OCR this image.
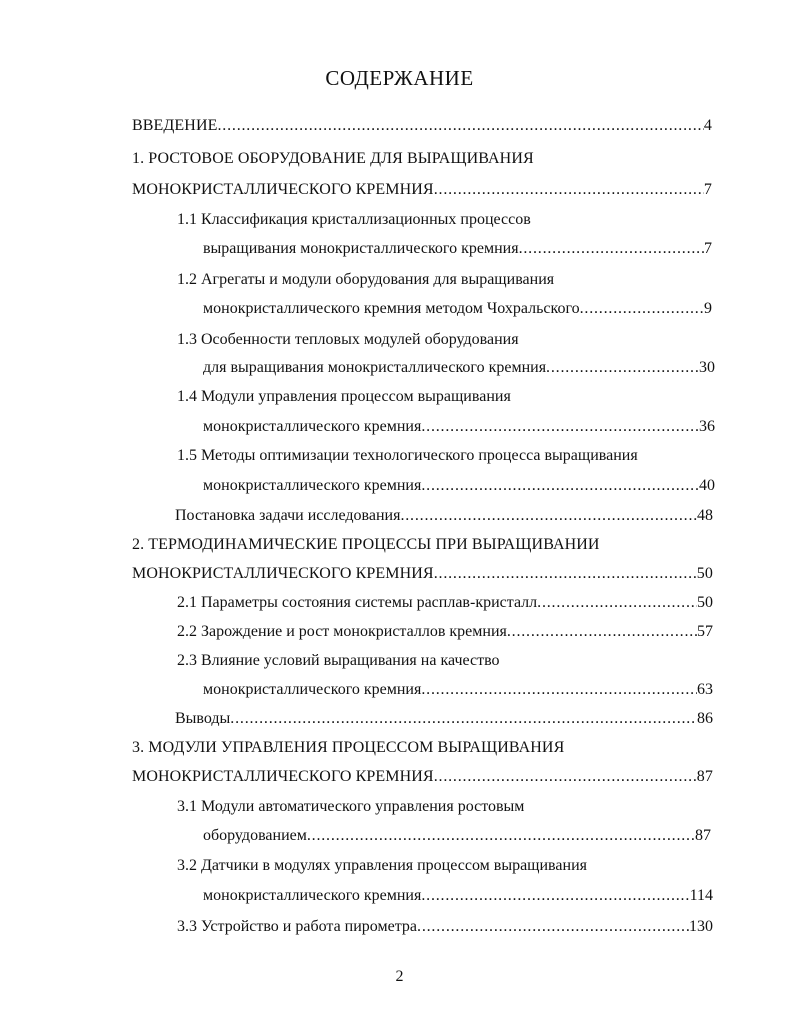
СОДЕРЖАНИЕ
ВВЕДЕНИЕ . . .	4
1. РОСТОВОЕ ОБОРУДОВАНИЕ ДЛЯ ВЫРАЩИВАНИЯ
МОНОКРИСТАЛЛИЧЕСКОГО КРЕМНИЯ . . .	7
1.1 Классификация кристаллизационных процессов
выращивания монокристаллического кремния . . .	7
1.2 Агрегаты и модули оборудования для выращивания
монокристаллического кремния методом Чохральского . . .	9
1.3 Особенности тепловых модулей оборудования
для выращивания монокристаллического кремния . . .	30
1.4 Модули управления процессом выращивания
монокристаллического кремния . . .	36
1.5 Методы оптимизации технологического процесса выращивания
монокристаллического кремния . . .	40
Постановка задачи исследования . . .	48
2. ТЕРМОДИНАМИЧЕСКИЕ ПРОЦЕССЫ ПРИ ВЫРАЩИВАНИИ
МОНОКРИСТАЛЛИЧЕСКОГО КРЕМНИЯ . . .	50
2.1 Параметры состояния системы расплав-кристалл . . .	50
2.2 Зарождение и рост монокристаллов кремния . . .	57
2.3 Влияние условий выращивания на качество
монокристаллического кремния . . .	63
Выводы . . .	86
3. МОДУЛИ УПРАВЛЕНИЯ ПРОЦЕССОМ ВЫРАЩИВАНИЯ
МОНОКРИСТАЛЛИЧЕСКОГО КРЕМНИЯ . . .	87
3.1 Модули автоматического управления ростовым
оборудованием . . .	87
3.2 Датчики в модулях управления процессом выращивания
монокристаллического кремния . . .	114
3.3 Устройство и работа пирометра . . .	130
2
